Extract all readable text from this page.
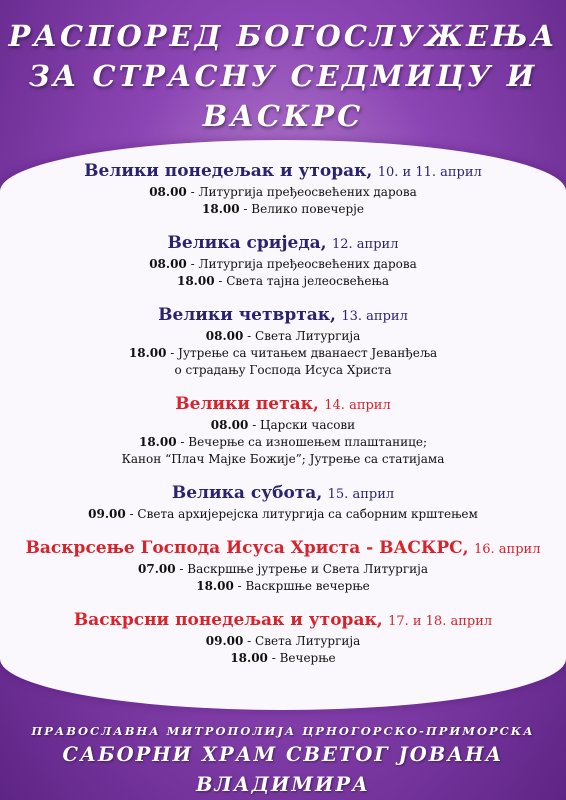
РАСПОРЕД БОГОСЛУЖЕЊА
ЗА СТРАСНУ СЕДМИЦУ И ВАСКРС
Велики понедељак и уторак, 10. и 11. април
08.00 - Литургија пређеосвећених дарова
18.00 - Велико повечерје
Велика сриједа, 12. април
08.00 - Литургија пређеосвећених дарова
18.00 - Света тајна јелеосвећења
Велики четвртак, 13. април
08.00 - Света Литургија
18.00 - Јутрење са читањем дванаест Јеванђеља
о страдању Господа Исуса Христа
Велики петак, 14. април
08.00 - Царски часови
18.00 - Вечерње са изношењем плаштанице;
Канон “Плач Мајке Божије”; Јутрење са статијама
Велика субота, 15. април
09.00 - Света архијерејска литургија са саборним крштењем
Васкрсење Господа Исуса Христа - ВАСКРС, 16. април
07.00 - Васкршње јутрење и Света Литургија
18.00 - Васкршње вечерње
Васкрсни понедељак и уторак, 17. и 18. април
09.00 - Света Литургија
18.00 - Вечерње
ПРАВОСЛАВНА МИТРОПОЛИЈА ЦРНОГОРСКО-ПРИМОРСКА
САБОРНИ ХРАМ СВЕТОГ ЈОВАНА ВЛАДИМИРА
